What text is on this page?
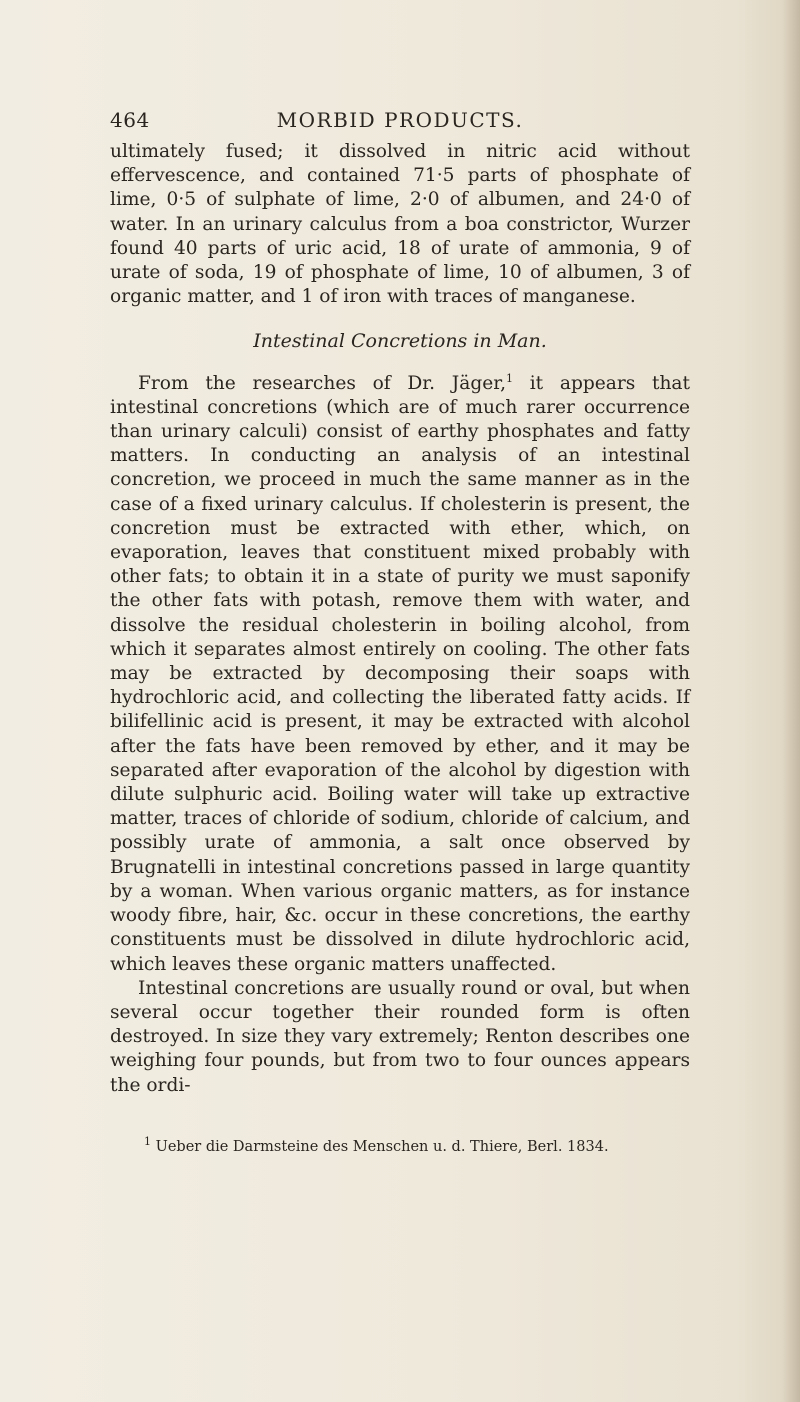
464	MORBID PRODUCTS.

ultimately fused; it dissolved in nitric acid without effervescence, and contained 71·5 parts of phosphate of lime, 0·5 of sulphate of lime, 2·0 of albumen, and 24·0 of water. In an urinary calculus from a boa constrictor, Wurzer found 40 parts of uric acid, 18 of urate of ammonia, 9 of urate of soda, 19 of phosphate of lime, 10 of albumen, 3 of organic matter, and 1 of iron with traces of manganese.

Intestinal Concretions in Man.

From the researches of Dr. Jäger,$^1$ it appears that intestinal concretions (which are of much rarer occurrence than urinary calculi) consist of earthy phosphates and fatty matters. In conducting an analysis of an intestinal concretion, we proceed in much the same manner as in the case of a fixed urinary calculus. If cholesterin is present, the concretion must be extracted with ether, which, on evaporation, leaves that constituent mixed probably with other fats; to obtain it in a state of purity we must saponify the other fats with potash, remove them with water, and dissolve the residual cholesterin in boiling alcohol, from which it separates almost entirely on cooling. The other fats may be extracted by decomposing their soaps with hydrochloric acid, and collecting the liberated fatty acids. If bilifellinic acid is present, it may be extracted with alcohol after the fats have been removed by ether, and it may be separated after evaporation of the alcohol by digestion with dilute sulphuric acid. Boiling water will take up extractive matter, traces of chloride of sodium, chloride of calcium, and possibly urate of ammonia, a salt once observed by Brugnatelli in intestinal concretions passed in large quantity by a woman. When various organic matters, as for instance woody fibre, hair, &c. occur in these concretions, the earthy constituents must be dissolved in dilute hydrochloric acid, which leaves these organic matters unaffected.

Intestinal concretions are usually round or oval, but when several occur together their rounded form is often destroyed. In size they vary extremely; Renton describes one weighing four pounds, but from two to four ounces appears the ordi-

$^1$ Ueber die Darmsteine des Menschen u. d. Thiere, Berl. 1834.
